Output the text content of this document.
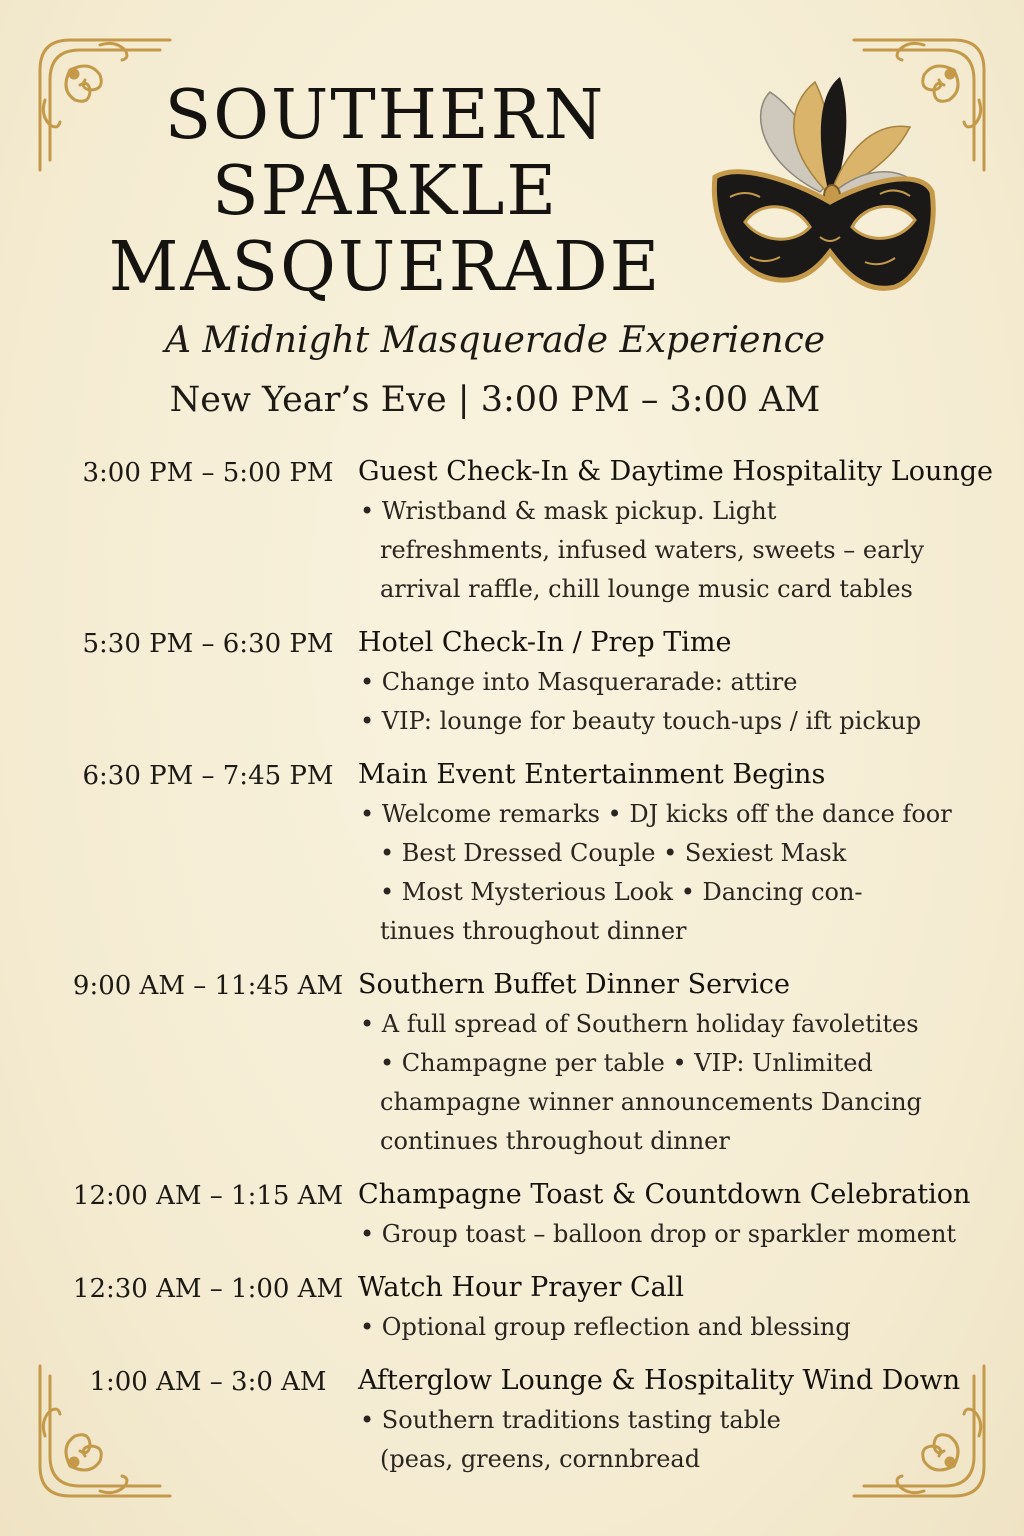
SOUTHERN
SPARKLE
MASQUERADE
A Midnight Masquerade Experience
New Year’s Eve | 3:00 PM – 3:00 AM
3:00 PM – 5:00 PM Guest Check-In & Daytime Hospitality Lounge
• Wristband & mask pickup. Light
refreshments, infused waters, sweets – early
arrival raffle, chill lounge music card tables
5:30 PM – 6:30 PM Hotel Check-In / Prep Time
• Change into Masquerarade: attire
• VIP: lounge for beauty touch-ups / ift pickup
6:30 PM – 7:45 PM Main Event Entertainment Begins
• Welcome remarks • DJ kicks off the dance foor
• Best Dressed Couple • Sexiest Mask
• Most Mysterious Look • Dancing con-
tinues throughout dinner
9:00 AM – 11:45 AM Southern Buffet Dinner Service
• A full spread of Southern holiday favoletites
• Champagne per table • VIP: Unlimited
champagne winner announcements Dancing
continues throughout dinner
12:00 AM – 1:15 AM Champagne Toast & Countdown Celebration
• Group toast – balloon drop or sparkler moment
12:30 AM – 1:00 AM Watch Hour Prayer Call
• Optional group reflection and blessing
1:00 AM – 3:0 AM	Afterglow Lounge & Hospitality Wind Down
• Southern traditions tasting table
(peas, greens, cornnbread
